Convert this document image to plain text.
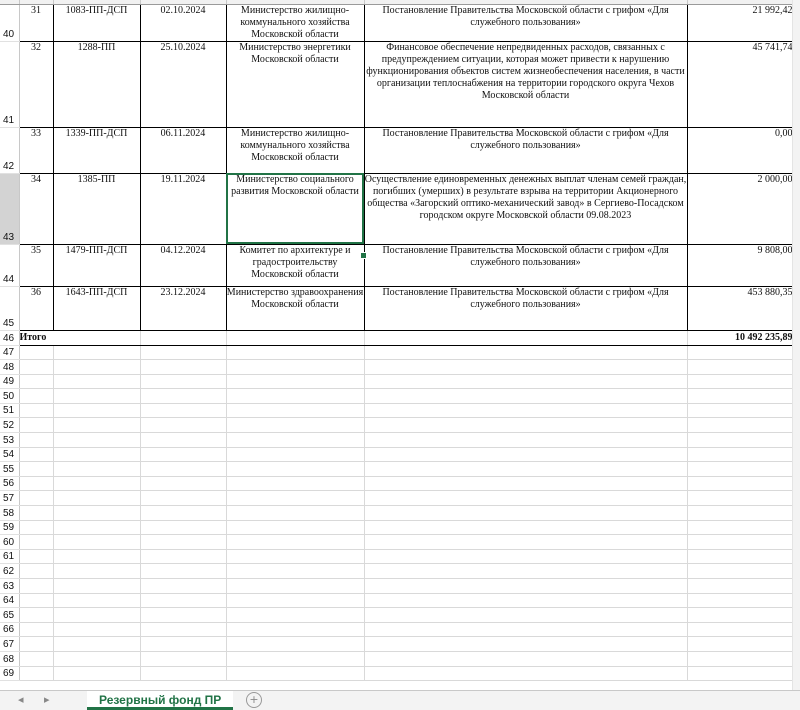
40	31	1083-ПП-ДСП	02.10.2024	Министерство жилищно-коммунального хозяйства Московской области	Постановление Правительства Московской области с грифом «Для служебного пользования»	21 992,42
41	32	1288-ПП	25.10.2024	Министерство энергетики Московской области	Финансовое обеспечение непредвиденных расходов, связанных с предупреждением ситуации, которая может привести к нарушению функционирования объектов систем жизнеобеспечения населения, в части организации теплоснабжения на территории городского округа Чехов Московской области	45 741,74
42	33	1339-ПП-ДСП	06.11.2024	Министерство жилищно-коммунального хозяйства Московской области	Постановление Правительства Московской области с грифом «Для служебного пользования»	0,00
43	34	1385-ПП	19.11.2024	Министерство социального развития Московской области	Осуществление единовременных денежных выплат членам семей граждан, погибших (умерших) в результате взрыва на территории Акционерного общества «Загорский оптико-механический завод» в Сергиево-Посадском городском округе Московской области 09.08.2023	2 000,00
44	35	1479-ПП-ДСП	04.12.2024	Комитет по архитектуре и градостроительству Московской области	Постановление Правительства Московской области с грифом «Для служебного пользования»	9 808,00
45	36	1643-ПП-ДСП	23.12.2024	Министерство здравоохранения Московской области	Постановление Правительства Московской области с грифом «Для служебного пользования»	453 880,35
46	Итого					10 492 235,89
47						
48						
49						
50						
51						
52						
53						
54						
55						
56						
57						
58						
59						
60						
61						
62						
63						
64						
65						
66						
67						
68						
69						
◂ ▸	Резервный фонд ПР	+
